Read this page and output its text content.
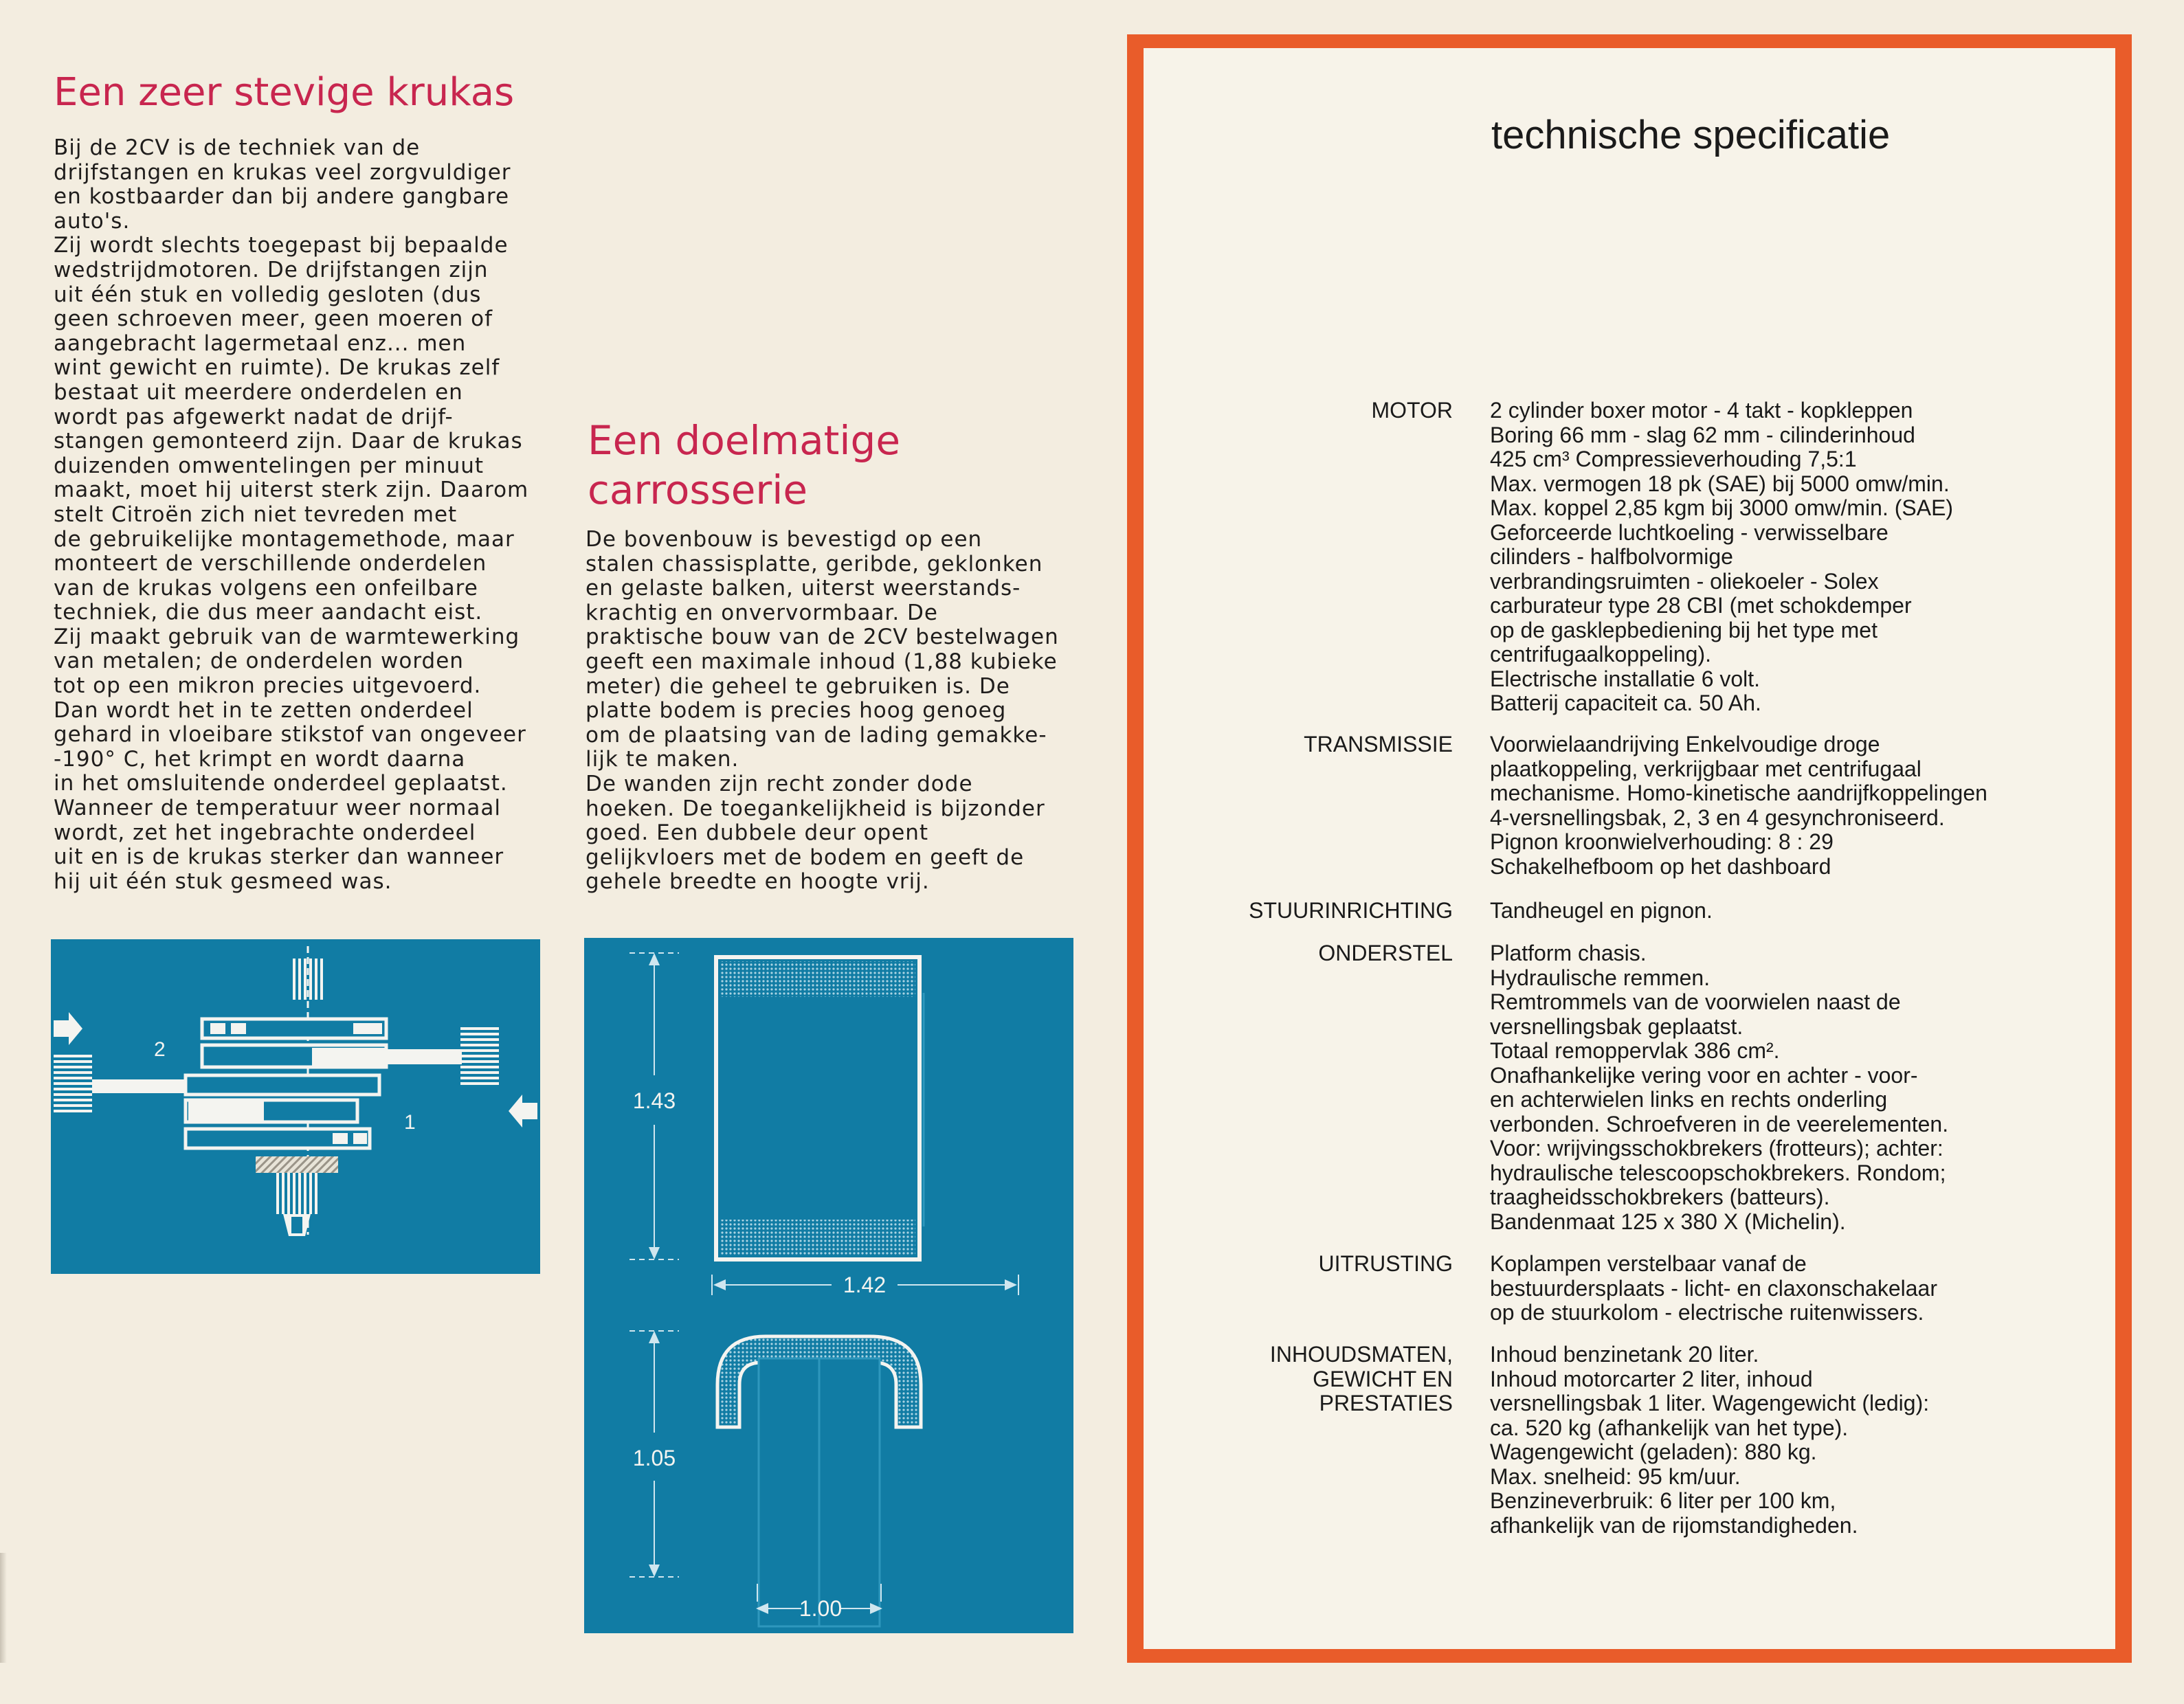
Een zeer stevige krukas

Bij de 2CV is de techniek van de
drijfstangen en krukas veel zorgvuldiger
en kostbaarder dan bij andere gangbare
auto's.
Zij wordt slechts toegepast bij bepaalde
wedstrijdmotoren. De drijfstangen zijn
uit één stuk en volledig gesloten (dus
geen schroeven meer, geen moeren of
aangebracht lagermetaal enz... men
wint gewicht en ruimte). De krukas zelf
bestaat uit meerdere onderdelen en
wordt pas afgewerkt nadat de drijf-
stangen gemonteerd zijn. Daar de krukas
duizenden omwentelingen per minuut
maakt, moet hij uiterst sterk zijn. Daarom
stelt Citroën zich niet tevreden met
de gebruikelijke montagemethode, maar
monteert de verschillende onderdelen
van de krukas volgens een onfeilbare
techniek, die dus meer aandacht eist.
Zij maakt gebruik van de warmtewerking
van metalen; de onderdelen worden
tot op een mikron precies uitgevoerd.
Dan wordt het in te zetten onderdeel
gehard in vloeibare stikstof van ongeveer
-190° C, het krimpt en wordt daarna
in het omsluitende onderdeel geplaatst.
Wanneer de temperatuur weer normaal
wordt, zet het ingebrachte onderdeel
uit en is de krukas sterker dan wanneer
hij uit één stuk gesmeed was.

2
1
Een doelmatige
carrosserie

De bovenbouw is bevestigd op een
stalen chassisplatte, geribde, geklonken
en gelaste balken, uiterst weerstands-
krachtig en onvervormbaar. De
praktische bouw van de 2CV bestelwagen
geeft een maximale inhoud (1,88 kubieke
meter) die geheel te gebruiken is. De
platte bodem is precies hoog genoeg
om de plaatsing van de lading gemakke-
lijk te maken.
De wanden zijn recht zonder dode
hoeken. De toegankelijkheid is bijzonder
goed. Een dubbele deur opent
gelijkvloers met de bodem en geeft de
gehele breedte en hoogte vrij.

1.43
1.42
1.05
1.00
technische specificatie
MOTOR 2 cylinder boxer motor - 4 takt - kopkleppen
Boring 66 mm - slag 62 mm - cilinderinhoud
425 cm³ Compressieverhouding 7,5:1
Max. vermogen 18 pk (SAE) bij 5000 omw/min.
Max. koppel 2,85 kgm bij 3000 omw/min. (SAE)
Geforceerde luchtkoeling - verwisselbare
cilinders - halfbolvormige
verbrandingsruimten - oliekoeler - Solex
carburateur type 28 CBI (met schokdemper
op de gasklepbediening bij het type met
centrifugaalkoppeling).
Electrische installatie 6 volt.
Batterij capaciteit ca. 50 Ah.
TRANSMISSIE Voorwielaandrijving Enkelvoudige droge
plaatkoppeling, verkrijgbaar met centrifugaal
mechanisme. Homo-kinetische aandrijfkoppelingen
4-versnellingsbak, 2, 3 en 4 gesynchroniseerd.
Pignon kroonwielverhouding: 8 : 29
Schakelhefboom op het dashboard
STUURINRICHTING Tandheugel en pignon.
ONDERSTEL Platform chasis.
Hydraulische remmen.
Remtrommels van de voorwielen naast de
versnellingsbak geplaatst.
Totaal remoppervlak 386 cm².
Onafhankelijke vering voor en achter - voor-
en achterwielen links en rechts onderling
verbonden. Schroefveren in de veerelementen.
Voor: wrijvingsschokbrekers (frotteurs); achter:
hydraulische telescoopschokbrekers. Rondom;
traagheidsschokbrekers (batteurs).
Bandenmaat 125 x 380 X (Michelin).
UITRUSTING Koplampen verstelbaar vanaf de
bestuurdersplaats - licht- en claxonschakelaar
op de stuurkolom - electrische ruitenwissers.
INHOUDSMATEN,
GEWICHT EN
PRESTATIES
Inhoud benzinetank 20 liter.
Inhoud motorcarter 2 liter, inhoud
versnellingsbak 1 liter. Wagengewicht (ledig):
ca. 520 kg (afhankelijk van het type).
Wagengewicht (geladen): 880 kg.
Max. snelheid: 95 km/uur.
Benzineverbruik: 6 liter per 100 km,
afhankelijk van de rijomstandigheden.
